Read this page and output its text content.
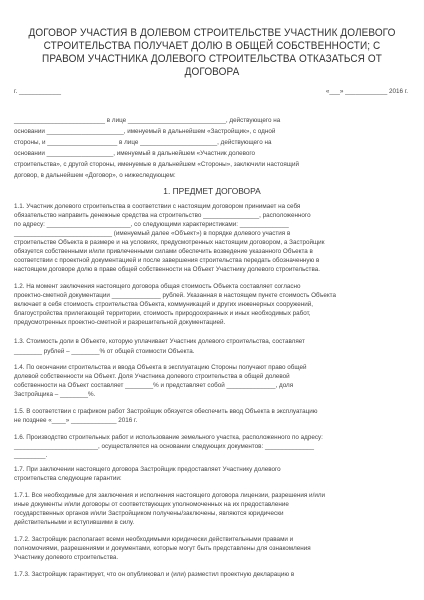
ДОГОВОР УЧАСТИЯ В ДОЛЕВОМ СТРОИТЕЛЬСТВЕ УЧАСТНИК ДОЛЕВОГО
СТРОИТЕЛЬСТВА ПОЛУЧАЕТ ДОЛЮ В ОБЩЕЙ СОБСТВЕННОСТИ; С
ПРАВОМ УЧАСТНИКА ДОЛЕВОГО СТРОИТЕЛЬСТВА ОТКАЗАТЬСЯ ОТ
ДОГОВОРА
г. ____________	«___» ____________ 2016 г.
__________________________ в лице ____________________________, действующего на
основании ______________________, именуемый в дальнейшем «Застройщик», с одной
стороны, и ____________________ в лице ______________________, действующего на
основании ___________________, именуемый в дальнейшем «Участник долевого
строительства», с другой стороны, именуемые в дальнейшем «Стороны», заключили настоящий
договор, в дальнейшем «Договор», о нижеследующем:
1. ПРЕДМЕТ ДОГОВОРА
1.1. Участник долевого строительства в соответствии с настоящим договором принимает на себя
обязательство направить денежные средства на строительство ________________, расположенного
по адресу: ________________________, со следующими характеристиками: ______________
____________________________ (именуемый далее «Объект») в порядке долевого участия в
строительстве Объекта в размере и на условиях, предусмотренных настоящим договором, а Застройщик
обязуется собственными и/или привлеченными силами обеспечить возведение указанного Объекта в
соответствии с проектной документацией и после завершения строительства передать обозначенную в
настоящем договоре долю в праве общей собственности на Объект Участнику долевого строительства.
1.2. На момент заключения настоящего договора общая стоимость Объекта составляет согласно
проектно-сметной документации ______________ рублей. Указанная в настоящем пункте стоимость Объекта
включает в себя стоимость строительства Объекта, коммуникаций и других инженерных сооружений,
благоустройства прилегающей территории, стоимость природоохранных и иных необходимых работ,
предусмотренных проектно-сметной и разрешительной документацией.
1.3. Стоимость доли в Объекте, которую уплачивает Участник долевого строительства, составляет
________ рублей – ________% от общей стоимости Объекта.
1.4. По окончании строительства и ввода Объекта в эксплуатацию Стороны получают право общей
долевой собственности на Объект. Доля Участника долевого строительства в общей долевой
собственности на Объект составляет ________% и представляет собой ______________, доля
Застройщика – ________%.
1.5. В соответствии с графиком работ Застройщик обязуется обеспечить ввод Объекта в эксплуатацию
не позднее «____» _____________ 2016 г.
1.6. Производство строительных работ и использование земельного участка, расположенного по адресу:
________________________, осуществляется на основании следующих документов: ______________
_________.
1.7. При заключении настоящего договора Застройщик предоставляет Участнику долевого
строительства следующие гарантии:
1.7.1. Все необходимые для заключения и исполнения настоящего договора лицензии, разрешения и/или
иные документы и/или договоры от соответствующих уполномоченных на их предоставление
государственных органов и/или Застройщиком получены/заключены, являются юридически
действительными и вступившими в силу.
1.7.2. Застройщик располагает всеми необходимыми юридически действительными правами и
полномочиями, разрешениями и документами, которые могут быть представлены для ознакомления
Участнику долевого строительства.
1.7.3. Застройщик гарантирует, что он опубликовал и (или) разместил проектную декларацию в
